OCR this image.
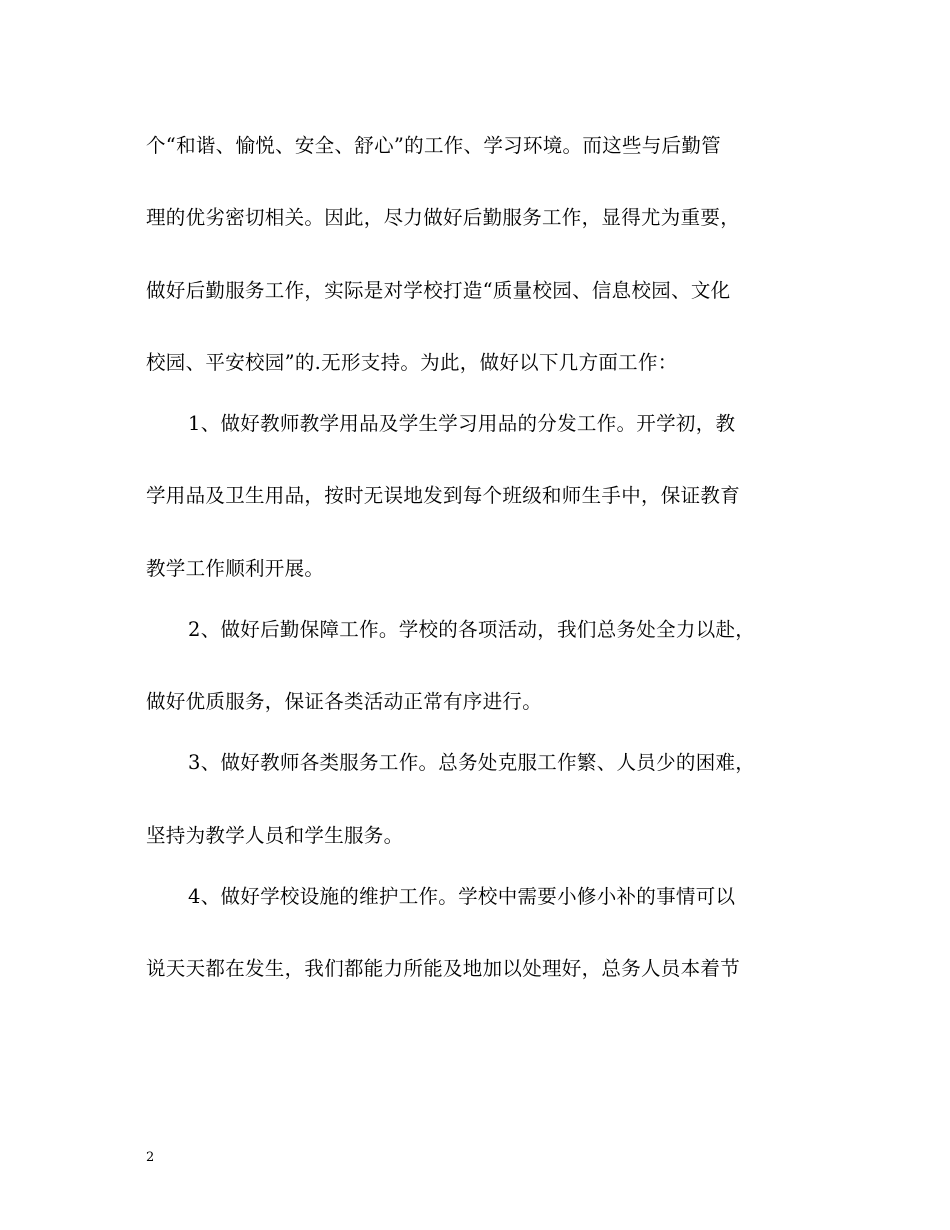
个“和谐、愉悦、安全、舒心”的工作、学习环境。而这些与后勤管
理的优劣密切相关。因此，尽力做好后勤服务工作，显得尤为重要，
做好后勤服务工作，实际是对学校打造“质量校园、信息校园、文化
校园、平安校园”的.无形支持。为此，做好以下几方面工作：
1、做好教师教学用品及学生学习用品的分发工作。开学初，教
学用品及卫生用品，按时无误地发到每个班级和师生手中，保证教育
教学工作顺利开展。
2、做好后勤保障工作。学校的各项活动，我们总务处全力以赴，
做好优质服务，保证各类活动正常有序进行。
3、做好教师各类服务工作。总务处克服工作繁、人员少的困难，
坚持为教学人员和学生服务。
4、做好学校设施的维护工作。学校中需要小修小补的事情可以
说天天都在发生，我们都能力所能及地加以处理好，总务人员本着节
2
